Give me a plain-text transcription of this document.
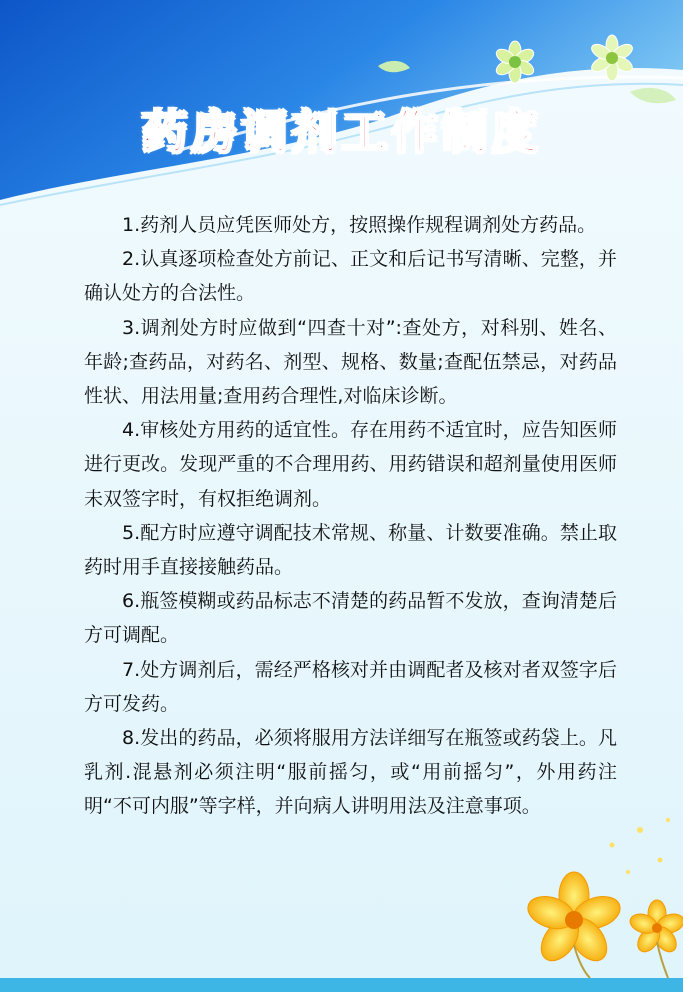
药房调剂工作制度

1.药剂人员应凭医师处方，按照操作规程调剂处方药品。

2.认真逐项检查处方前记、正文和后记书写清晰、完整，并确认处方的合法性。

3.调剂处方时应做到“四查十对”:查处方，对科别、姓名、年龄;查药品，对药名、剂型、规格、数量;查配伍禁忌，对药品性状、用法用量;查用药合理性,对临床诊断。

4.审核处方用药的适宜性。存在用药不适宜时，应告知医师进行更改。发现严重的不合理用药、用药错误和超剂量使用医师未双签字时，有权拒绝调剂。

5.配方时应遵守调配技术常规、称量、计数要准确。禁止取药时用手直接接触药品。

6.瓶签模糊或药品标志不清楚的药品暂不发放，查询清楚后方可调配。

7.处方调剂后，需经严格核对并由调配者及核对者双签字后方可发药。

8.发出的药品，必须将服用方法详细写在瓶签或药袋上。凡乳剂.混悬剂必须注明“服前摇匀，或“用前摇匀”，外用药注明“不可内服”等字样，并向病人讲明用法及注意事项。
